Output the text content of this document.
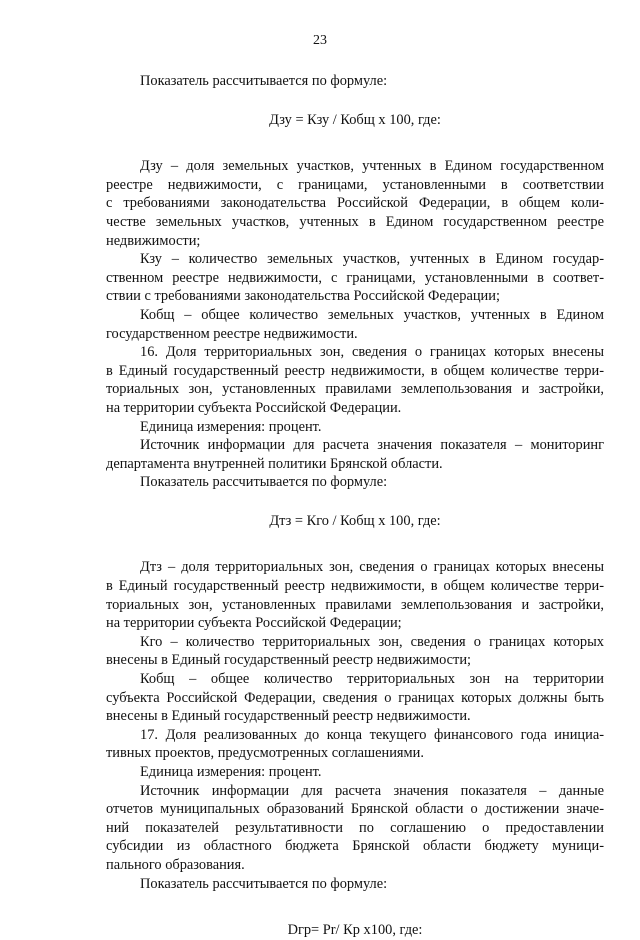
23
Показатель рассчитывается по формуле:
Дзу = Кзу / Кобщ х 100, где:
Дзу – доля земельных участков, учтенных в Едином государственном
реестре недвижимости, с границами, установленными в соответствии
с требованиями законодательства Российской Федерации, в общем коли-
честве земельных участков, учтенных в Едином государственном реестре
недвижимости;
Кзу – количество земельных участков, учтенных в Едином государ-
ственном реестре недвижимости, с границами, установленными в соответ-
ствии с требованиями законодательства Российской Федерации;
Кобщ – общее количество земельных участков, учтенных в Едином
государственном реестре недвижимости.
16. Доля территориальных зон, сведения о границах которых внесены
в Единый государственный реестр недвижимости, в общем количестве терри-
ториальных зон, установленных правилами землепользования и застройки,
на территории субъекта Российской Федерации.
Единица измерения: процент.
Источник информации для расчета значения показателя – мониторинг
департамента внутренней политики Брянской области.
Показатель рассчитывается по формуле:
Дтз = Кго / Кобщ х 100, где:
Дтз – доля территориальных зон, сведения о границах которых внесены
в Единый государственный реестр недвижимости, в общем количестве терри-
ториальных зон, установленных правилами землепользования и застройки,
на территории субъекта Российской Федерации;
Кго – количество территориальных зон, сведения о границах которых
внесены в Единый государственный реестр недвижимости;
Кобщ – общее количество территориальных зон на территории
субъекта Российской Федерации, сведения о границах которых должны быть
внесены в Единый государственный реестр недвижимости.
17. Доля реализованных до конца текущего финансового года инициа-
тивных проектов, предусмотренных соглашениями.
Единица измерения: процент.
Источник информации для расчета значения показателя – данные
отчетов муниципальных образований Брянской области о достижении значе-
ний показателей результативности по соглашению о предоставлении
субсидии из областного бюджета Брянской области бюджету муници-
пального образования.
Показатель рассчитывается по формуле:
Dгр= Рr/ Кр х100, где:
